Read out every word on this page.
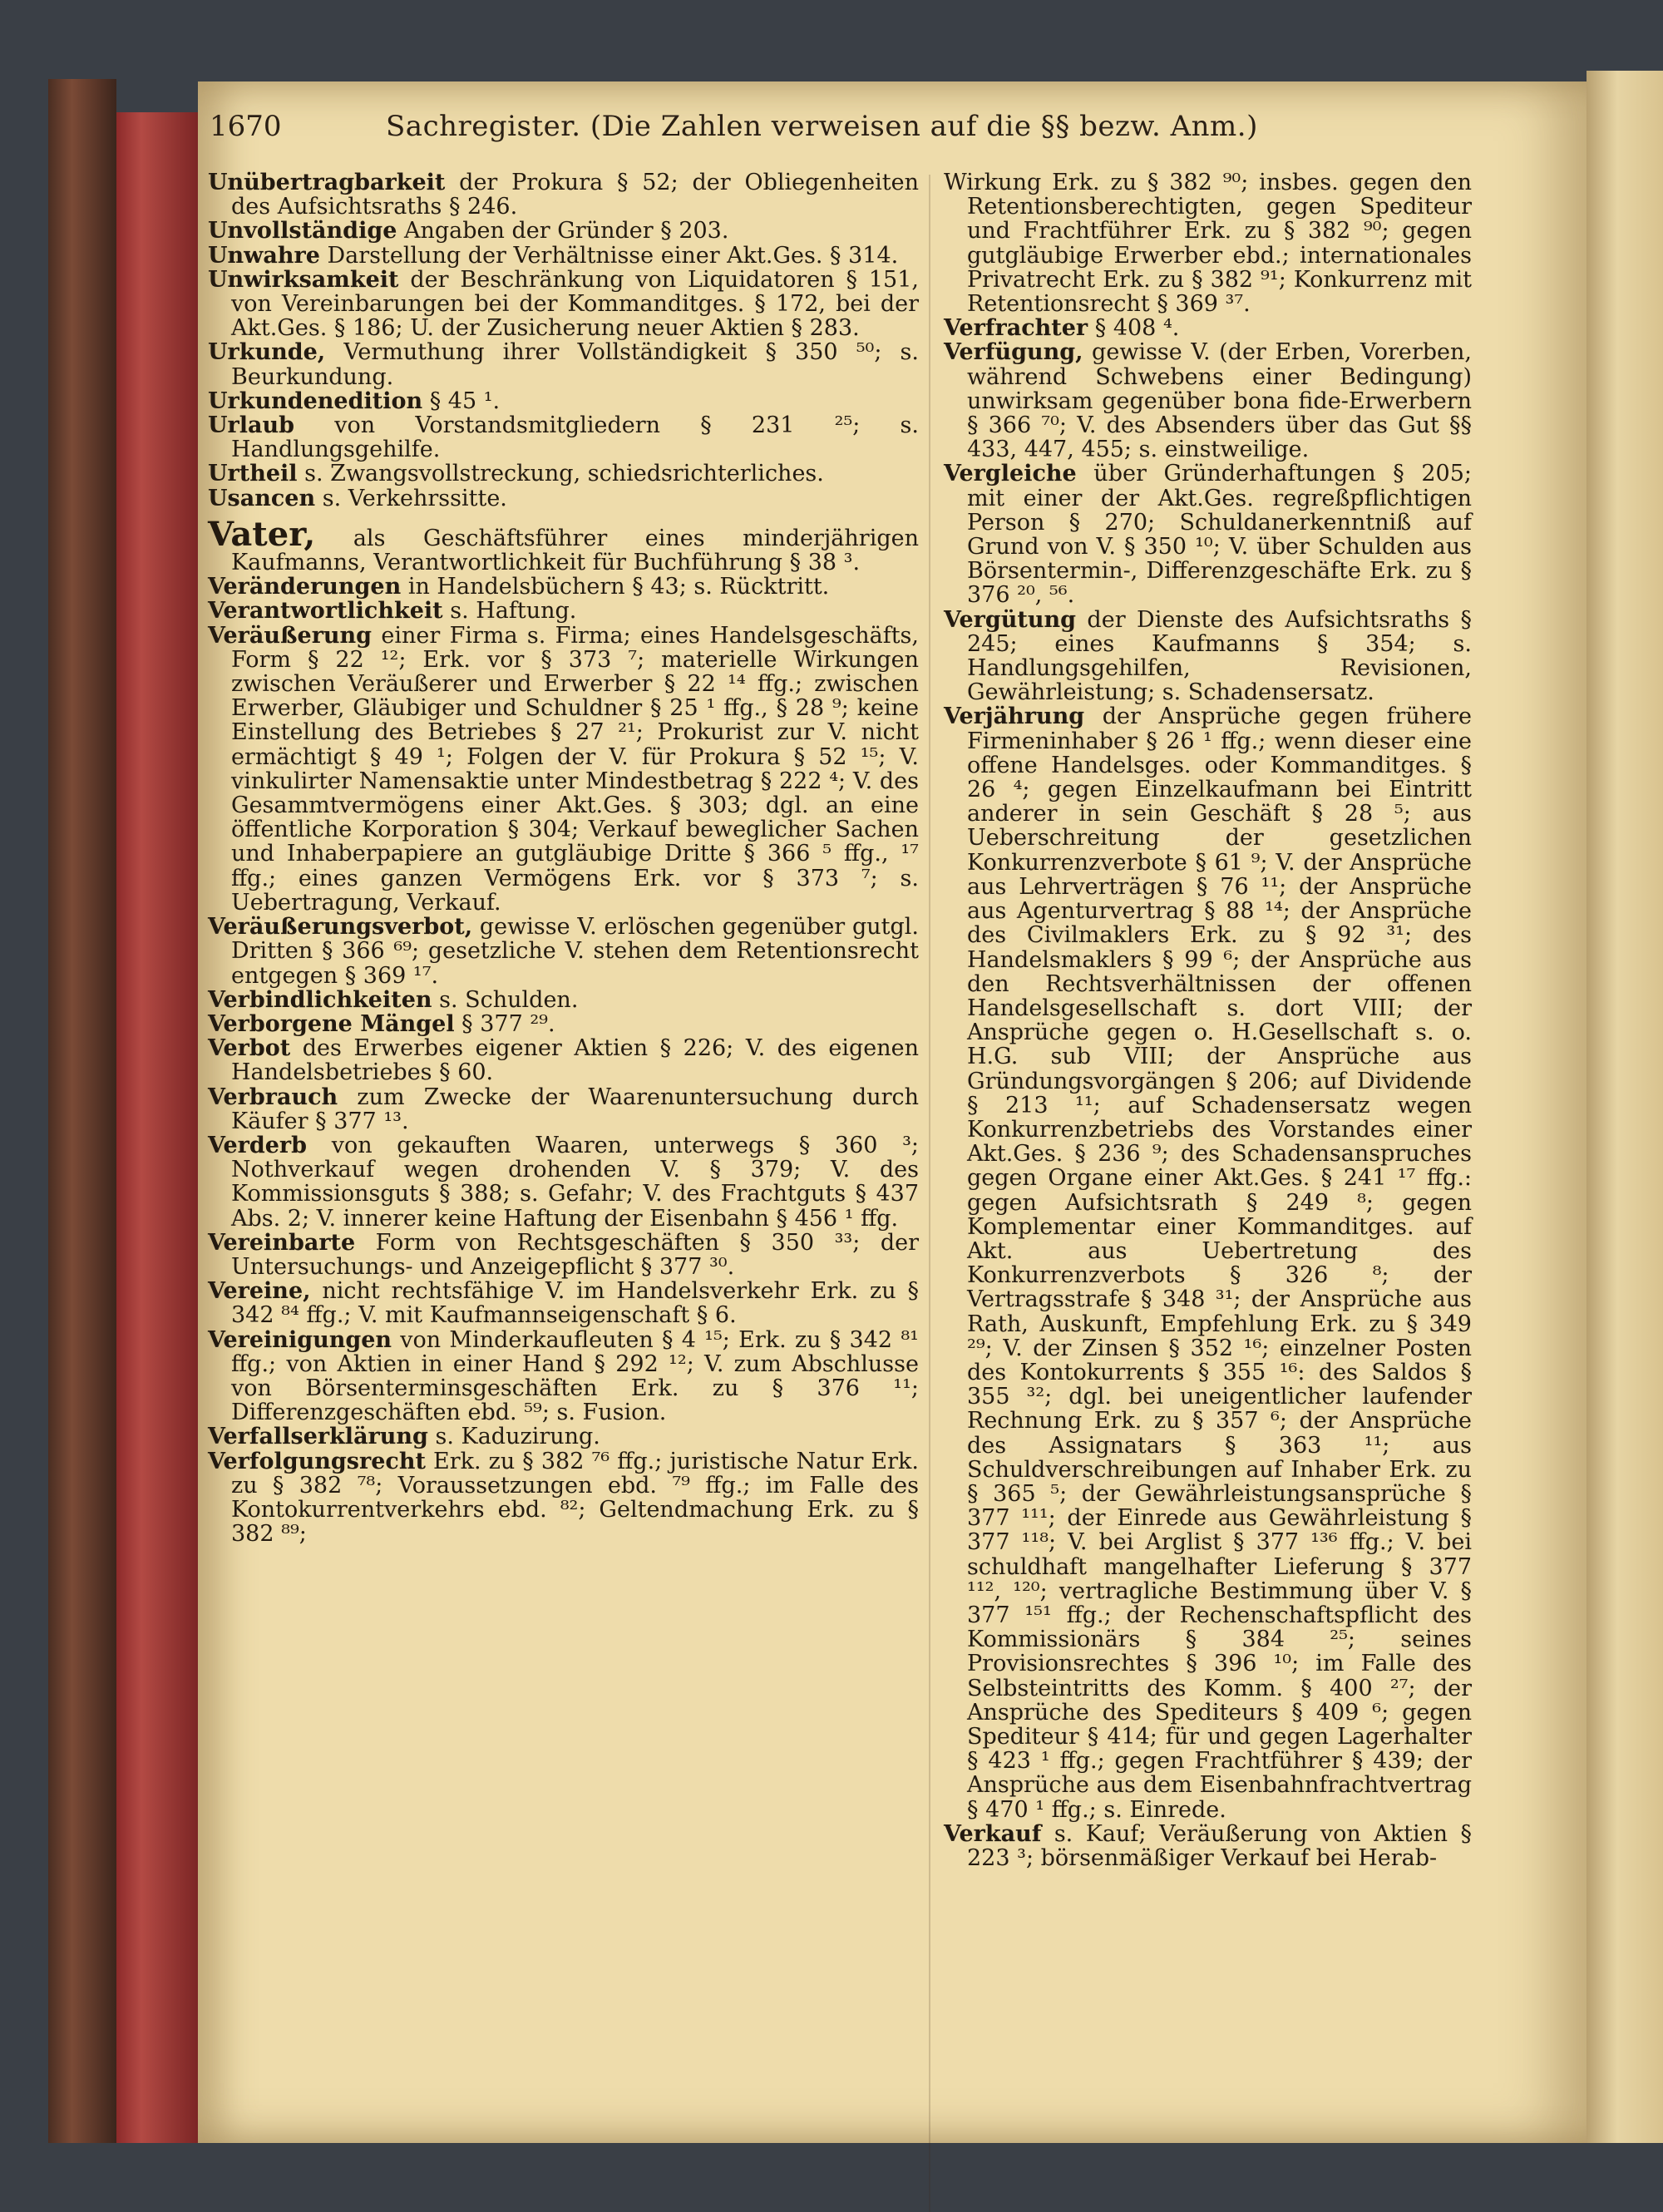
1670	Sachregister. (Die Zahlen verweisen auf die §§ bezw. Anm.)

Unübertragbarkeit der Prokura § 52; der Obliegenheiten des Aufsichtsraths § 246.

Unvollständige Angaben der Gründer § 203.

Unwahre Darstellung der Verhältnisse einer Akt.Ges. § 314.

Unwirksamkeit der Beschränkung von Liquidatoren § 151, von Vereinbarungen bei der Kommanditges. § 172, bei der Akt.Ges. § 186; U. der Zusicherung neuer Aktien § 283.

Urkunde, Vermuthung ihrer Vollständigkeit § 350 ⁵⁰; s. Beurkundung.

Urkundenedition § 45 ¹.

Urlaub von Vorstandsmitgliedern § 231 ²⁵; s. Handlungsgehilfe.

Urtheil s. Zwangsvollstreckung, schiedsrichterliches.

Usancen s. Verkehrssitte.

Vater, als Geschäftsführer eines minderjährigen Kaufmanns, Verantwortlichkeit für Buchführung § 38 ³.

Veränderungen in Handelsbüchern § 43; s. Rücktritt.

Verantwortlichkeit s. Haftung.

Veräußerung einer Firma s. Firma; eines Handelsgeschäfts, Form § 22 ¹²; Erk. vor § 373 ⁷; materielle Wirkungen zwischen Veräußerer und Erwerber § 22 ¹⁴ ffg.; zwischen Erwerber, Gläubiger und Schuldner § 25 ¹ ffg., § 28 ⁹; keine Einstellung des Betriebes § 27 ²¹; Prokurist zur V. nicht ermächtigt § 49 ¹; Folgen der V. für Prokura § 52 ¹⁵; V. vinkulirter Namensaktie unter Mindestbetrag § 222 ⁴; V. des Gesammtvermögens einer Akt.Ges. § 303; dgl. an eine öffentliche Korporation § 304; Verkauf beweglicher Sachen und Inhaberpapiere an gutgläubige Dritte § 366 ⁵ ffg., ¹⁷ ffg.; eines ganzen Vermögens Erk. vor § 373 ⁷; s. Uebertragung, Verkauf.

Veräußerungsverbot, gewisse V. erlöschen gegenüber gutgl. Dritten § 366 ⁶⁹; gesetzliche V. stehen dem Retentionsrecht entgegen § 369 ¹⁷.

Verbindlichkeiten s. Schulden.

Verborgene Mängel § 377 ²⁹.

Verbot des Erwerbes eigener Aktien § 226; V. des eigenen Handelsbetriebes § 60.

Verbrauch zum Zwecke der Waarenuntersuchung durch Käufer § 377 ¹³.

Verderb von gekauften Waaren, unterwegs § 360 ³; Nothverkauf wegen drohenden V. § 379; V. des Kommissionsguts § 388; s. Gefahr; V. des Frachtguts § 437 Abs. 2; V. innerer keine Haftung der Eisenbahn § 456 ¹ ffg.

Vereinbarte Form von Rechtsgeschäften § 350 ³³; der Untersuchungs- und Anzeigepflicht § 377 ³⁰.

Vereine, nicht rechtsfähige V. im Handelsverkehr Erk. zu § 342 ⁸⁴ ffg.; V. mit Kaufmannseigenschaft § 6.

Vereinigungen von Minderkaufleuten § 4 ¹⁵; Erk. zu § 342 ⁸¹ ffg.; von Aktien in einer Hand § 292 ¹²; V. zum Abschlusse von Börsenterminsgeschäften Erk. zu § 376 ¹¹; Differenzgeschäften ebd. ⁵⁹; s. Fusion.

Verfallserklärung s. Kaduzirung.

Verfolgungsrecht Erk. zu § 382 ⁷⁶ ffg.; juristische Natur Erk. zu § 382 ⁷⁸; Voraussetzungen ebd. ⁷⁹ ffg.; im Falle des Kontokurrentverkehrs ebd. ⁸²; Geltendmachung Erk. zu § 382 ⁸⁹;

Wirkung Erk. zu § 382 ⁹⁰; insbes. gegen den Retentionsberechtigten, gegen Spediteur und Frachtführer Erk. zu § 382 ⁹⁰; gegen gutgläubige Erwerber ebd.; internationales Privatrecht Erk. zu § 382 ⁹¹; Konkurrenz mit Retentionsrecht § 369 ³⁷.

Verfrachter § 408 ⁴.

Verfügung, gewisse V. (der Erben, Vorerben, während Schwebens einer Bedingung) unwirksam gegenüber bona fide-Erwerbern § 366 ⁷⁰; V. des Absenders über das Gut §§ 433, 447, 455; s. einstweilige.

Vergleiche über Gründerhaftungen § 205; mit einer der Akt.Ges. regreßpflichtigen Person § 270; Schuldanerkenntniß auf Grund von V. § 350 ¹⁰; V. über Schulden aus Börsentermin-, Differenzgeschäfte Erk. zu § 376 ²⁰, ⁵⁶.

Vergütung der Dienste des Aufsichtsraths § 245; eines Kaufmanns § 354; s. Handlungsgehilfen, Revisionen, Gewährleistung; s. Schadensersatz.

Verjährung der Ansprüche gegen frühere Firmeninhaber § 26 ¹ ffg.; wenn dieser eine offene Handelsges. oder Kommanditges. § 26 ⁴; gegen Einzelkaufmann bei Eintritt anderer in sein Geschäft § 28 ⁵; aus Ueberschreitung der gesetzlichen Konkurrenzverbote § 61 ⁹; V. der Ansprüche aus Lehrverträgen § 76 ¹¹; der Ansprüche aus Agenturvertrag § 88 ¹⁴; der Ansprüche des Civilmaklers Erk. zu § 92 ³¹; des Handelsmaklers § 99 ⁶; der Ansprüche aus den Rechtsverhältnissen der offenen Handelsgesellschaft s. dort VIII; der Ansprüche gegen o. H.Gesellschaft s. o. H.G. sub VIII; der Ansprüche aus Gründungsvorgängen § 206; auf Dividende § 213 ¹¹; auf Schadensersatz wegen Konkurrenzbetriebs des Vorstandes einer Akt.Ges. § 236 ⁹; des Schadensanspruches gegen Organe einer Akt.Ges. § 241 ¹⁷ ffg.: gegen Aufsichtsrath § 249 ⁸; gegen Komplementar einer Kommanditges. auf Akt. aus Uebertretung des Konkurrenzverbots § 326 ⁸; der Vertragsstrafe § 348 ³¹; der Ansprüche aus Rath, Auskunft, Empfehlung Erk. zu § 349 ²⁹; V. der Zinsen § 352 ¹⁶; einzelner Posten des Kontokurrents § 355 ¹⁶: des Saldos § 355 ³²; dgl. bei uneigentlicher laufender Rechnung Erk. zu § 357 ⁶; der Ansprüche des Assignatars § 363 ¹¹; aus Schuldverschreibungen auf Inhaber Erk. zu § 365 ⁵; der Gewährleistungsansprüche § 377 ¹¹¹; der Einrede aus Gewährleistung § 377 ¹¹⁸; V. bei Arglist § 377 ¹³⁶ ffg.; V. bei schuldhaft mangelhafter Lieferung § 377 ¹¹², ¹²⁰; vertragliche Bestimmung über V. § 377 ¹⁵¹ ffg.; der Rechenschaftspflicht des Kommissionärs § 384 ²⁵; seines Provisionsrechtes § 396 ¹⁰; im Falle des Selbsteintritts des Komm. § 400 ²⁷; der Ansprüche des Spediteurs § 409 ⁶; gegen Spediteur § 414; für und gegen Lagerhalter § 423 ¹ ffg.; gegen Frachtführer § 439; der Ansprüche aus dem Eisenbahnfrachtvertrag § 470 ¹ ffg.; s. Einrede.

Verkauf s. Kauf; Veräußerung von Aktien § 223 ³; börsenmäßiger Verkauf bei Herab-
